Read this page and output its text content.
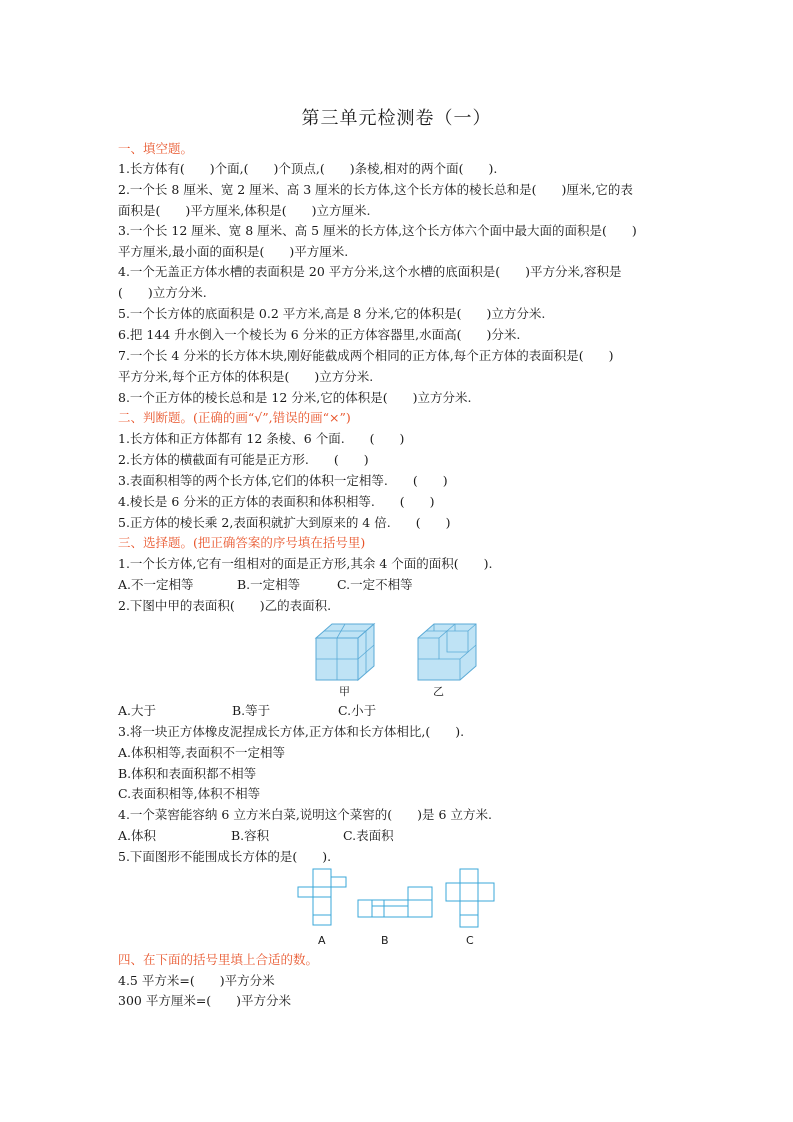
第三单元检测卷（一）
一、填空题。
1.长方体有(　　)个面,(　　)个顶点,(　　)条棱,相对的两个面(　　).
2.一个长 8 厘米、宽 2 厘米、高 3 厘米的长方体,这个长方体的棱长总和是(　　)厘米,它的表
面积是(　　)平方厘米,体积是(　　)立方厘米.
3.一个长 12 厘米、宽 8 厘米、高 5 厘米的长方体,这个长方体六个面中最大面的面积是(　　)
平方厘米,最小面的面积是(　　)平方厘米.
4.一个无盖正方体水槽的表面积是 20 平方分米,这个水槽的底面积是(　　)平方分米,容积是
(　　)立方分米.
5.一个长方体的底面积是 0.2 平方米,高是 8 分米,它的体积是(　　)立方分米.
6.把 144 升水倒入一个棱长为 6 分米的正方体容器里,水面高(　　)分米.
7.一个长 4 分米的长方体木块,刚好能截成两个相同的正方体,每个正方体的表面积是(　　)
平方分米,每个正方体的体积是(　　)立方分米.
8.一个正方体的棱长总和是 12 分米,它的体积是(　　)立方分米.
二、判断题。(正确的画“√”,错误的画“×”)
1.长方体和正方体都有 12 条棱、6 个面.　　(　　)
2.长方体的横截面有可能是正方形.　　(　　)
3.表面积相等的两个长方体,它们的体积一定相等.　　(　　)
4.棱长是 6 分米的正方体的表面积和体积相等.　　(　　)
5.正方体的棱长乘 2,表面积就扩大到原来的 4 倍.　　(　　)
三、选择题。(把正确答案的序号填在括号里)
1.一个长方体,它有一组相对的面是正方形,其余 4 个面的面积(　　).
A.不一定相等	B.一定相等	C.一定不相等
2.下图中甲的表面积(　　)乙的表面积.
甲	乙
A.大于	B.等于	C.小于
3.将一块正方体橡皮泥捏成长方体,正方体和长方体相比,(　　).
A.体积相等,表面积不一定相等
B.体积和表面积都不相等
C.表面积相等,体积不相等
4.一个菜窖能容纳 6 立方米白菜,说明这个菜窖的(　　)是 6 立方米.
A.体积	B.容积	C.表面积
5.下面图形不能围成长方体的是(　　).
A	B	C
四、在下面的括号里填上合适的数。
4.5 平方米=(　　)平方分米
300 平方厘米=(　　)平方分米
